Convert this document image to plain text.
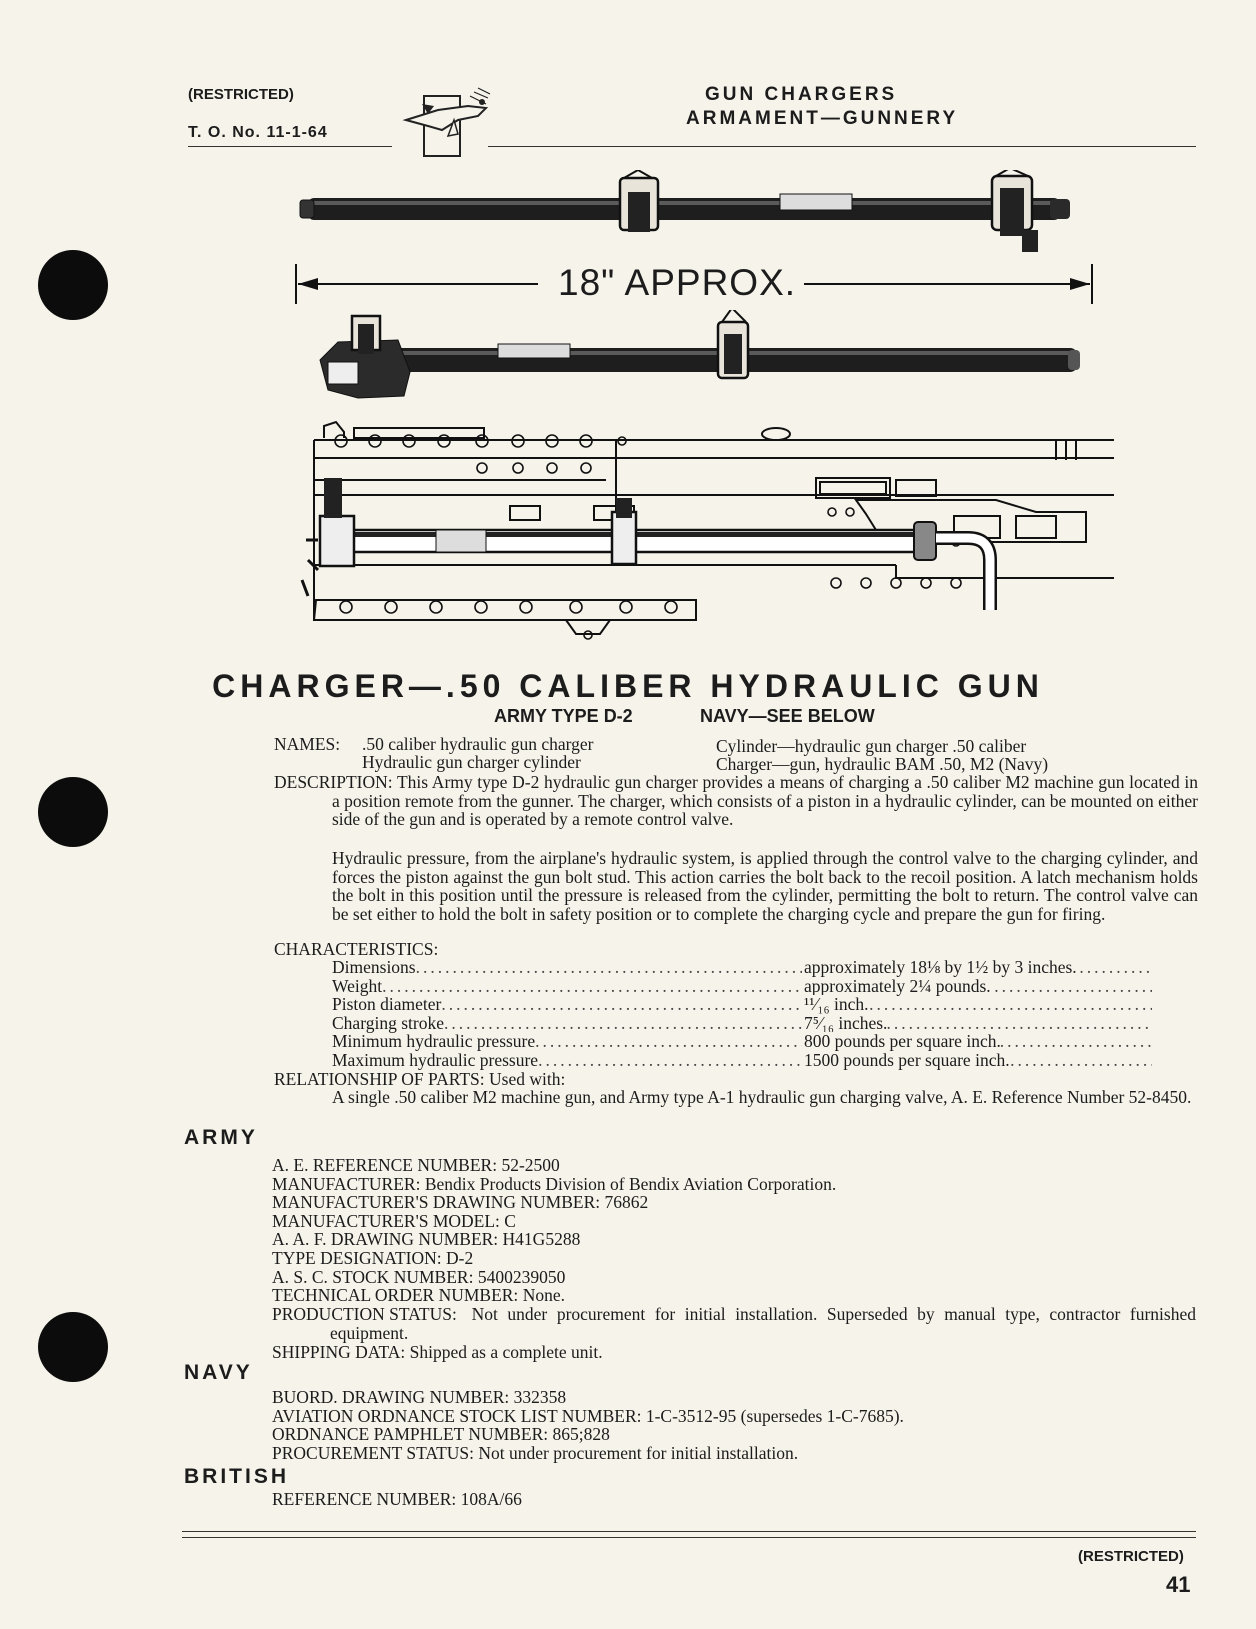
(RESTRICTED)
T. O. No. 11-1-64
GUN CHARGERS
ARMAMENT—GUNNERY
18" APPROX.
CHARGER—.50 CALIBER HYDRAULIC GUN
ARMY TYPE D-2	NAVY—SEE BELOW
NAMES: .50 caliber hydraulic gun charger
Hydraulic gun charger cylinder
Cylinder—hydraulic gun charger .50 caliber
Charger—gun, hydraulic BAM .50, M2 (Navy)
DESCRIPTION: This Army type D-2 hydraulic gun charger provides a means of charging a .50 caliber M2 machine gun located in a position remote from the gunner. The charger, which consists of a piston in a hydraulic cylinder, can be mounted on either side of the gun and is operated by a remote control valve.
Hydraulic pressure, from the airplane's hydraulic system, is applied through the control valve to the charging cylinder, and forces the piston against the gun bolt stud. This action carries the bolt back to the recoil position. A latch mechanism holds the bolt in this position until the pressure is released from the cylinder, permitting the bolt to return. The control valve can be set either to hold the bolt in safety position or to complete the charging cycle and prepare the gun for firing.
CHARACTERISTICS:
Dimensions .....	approximately 18⅛ by 1½ by 3 inches.
Weight .....	approximately 2¼ pounds.
Piston diameter .....	¹¹⁄₁₆ inch.
Charging stroke .....	7⁵⁄₁₆ inches.
Minimum hydraulic pressure .....	800 pounds per square inch.
Maximum hydraulic pressure .....	1500 pounds per square inch.
RELATIONSHIP OF PARTS: Used with:
A single .50 caliber M2 machine gun, and Army type A-1 hydraulic gun charging valve, A. E. Reference Number 52-8450.
ARMY
A. E. REFERENCE NUMBER: 52-2500
MANUFACTURER: Bendix Products Division of Bendix Aviation Corporation.
MANUFACTURER'S DRAWING NUMBER: 76862
MANUFACTURER'S MODEL: C
A. A. F. DRAWING NUMBER: H41G5288
TYPE DESIGNATION: D-2
A. S. C. STOCK NUMBER: 5400239050
TECHNICAL ORDER NUMBER: None.
PRODUCTION STATUS: Not under procurement for initial installation. Superseded by manual type, contractor furnished equipment.
SHIPPING DATA: Shipped as a complete unit.
NAVY
BUORD. DRAWING NUMBER: 332358
AVIATION ORDNANCE STOCK LIST NUMBER: 1-C-3512-95 (supersedes 1-C-7685).
ORDNANCE PAMPHLET NUMBER: 865;828
PROCUREMENT STATUS: Not under procurement for initial installation.
BRITISH
REFERENCE NUMBER: 108A/66
(RESTRICTED)
41
